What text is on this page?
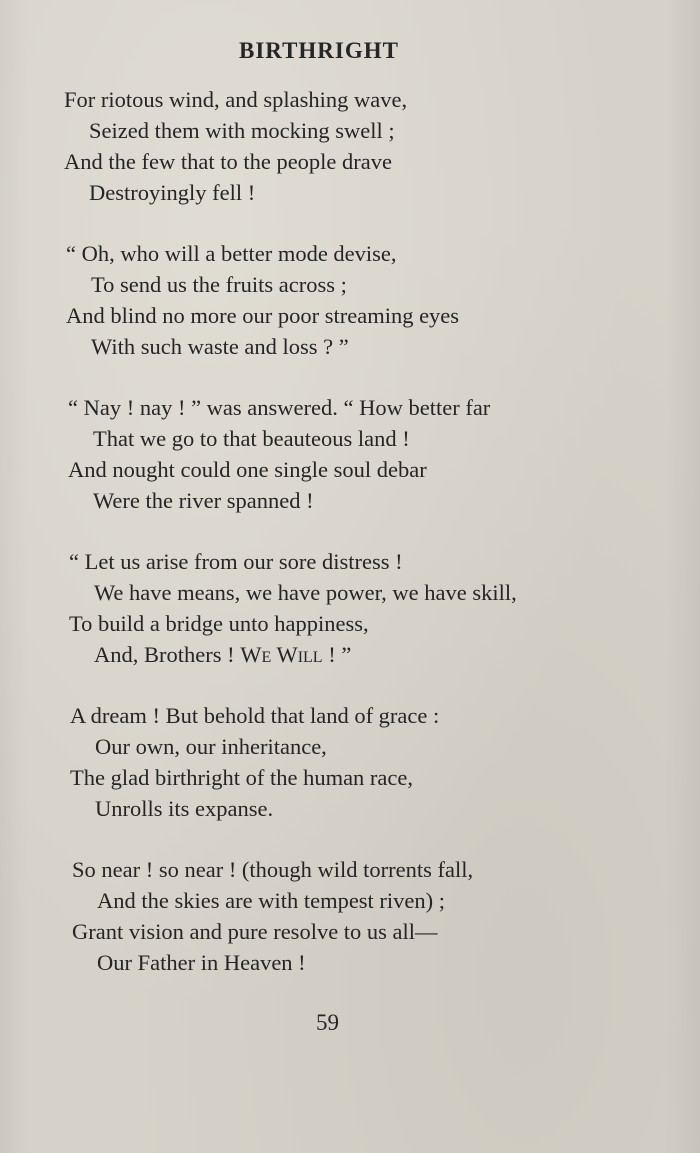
BIRTHRIGHT
For riotous wind, and splashing wave,
Seized them with mocking swell ;
And the few that to the people drave
Destroyingly fell !
“ Oh, who will a better mode devise,
To send us the fruits across ;
And blind no more our poor streaming eyes
With such waste and loss ? ”
“ Nay ! nay ! ” was answered. “ How better far
That we go to that beauteous land !
And nought could one single soul debar
Were the river spanned !
“ Let us arise from our sore distress !
We have means, we have power, we have skill,
To build a bridge unto happiness,
And, Brothers ! We Will ! ”
A dream ! But behold that land of grace :
Our own, our inheritance,
The glad birthright of the human race,
Unrolls its expanse.
So near ! so near ! (though wild torrents fall,
And the skies are with tempest riven) ;
Grant vision and pure resolve to us all—
Our Father in Heaven !
59
